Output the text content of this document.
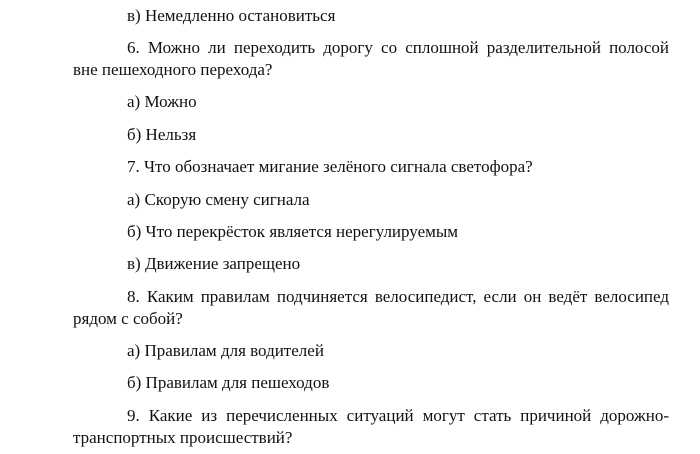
в) Немедленно остановиться

6. Можно ли переходить дорогу со сплошной разделительной полосой

вне пешеходного перехода?

а) Можно

б) Нельзя

7. Что обозначает мигание зелёного сигнала светофора?

а) Скорую смену сигнала

б) Что перекрёсток является нерегулируемым

в) Движение запрещено

8. Каким правилам подчиняется велосипедист, если он ведёт велосипед

рядом с собой?

а) Правилам для водителей

б) Правилам для пешеходов

9. Какие из перечисленных ситуаций могут стать причиной дорожно-

транспортных происшествий?
